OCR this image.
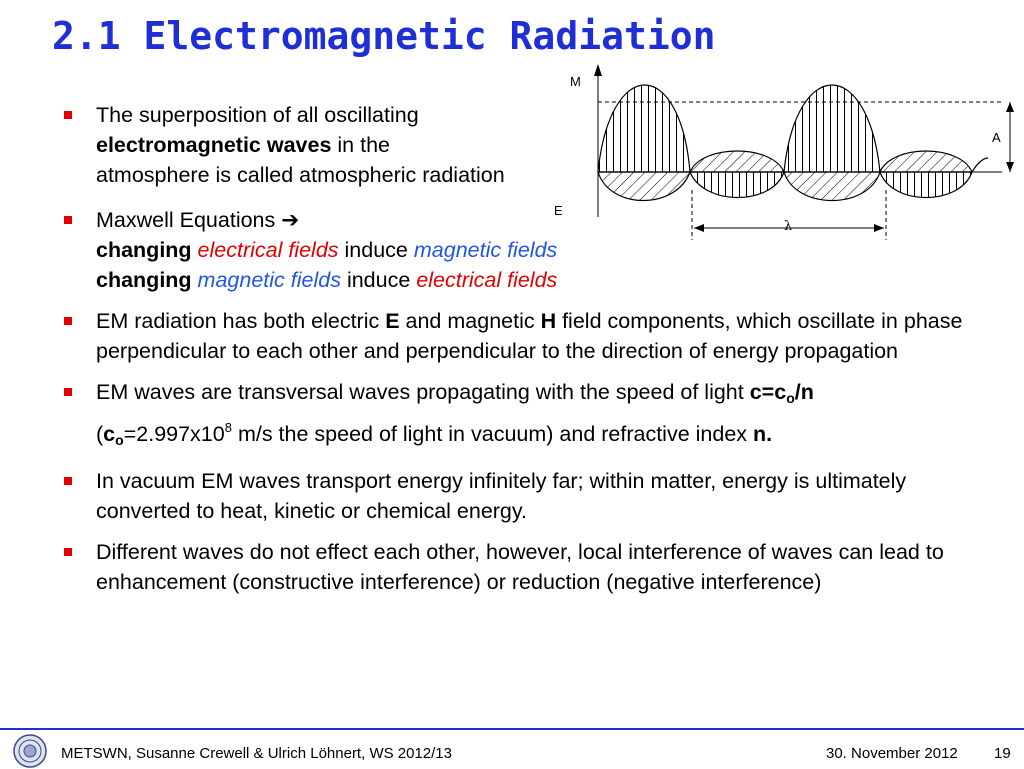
2.1 Electromagnetic Radiation
M
E
A
λ
The superposition of all oscillating
electromagnetic waves in the
atmosphere is called atmospheric radiation
Maxwell Equations ➔
changing electrical fields induce magnetic fields
changing magnetic fields induce electrical fields
EM radiation has both electric E and magnetic H field components, which oscillate in phase perpendicular to each other and perpendicular to the direction of energy propagation
EM waves are transversal waves propagating with the speed of light $c=c_o/n$
($c_o=2.997x10^8$ m/s the speed of light in vacuum) and refractive index n.
In vacuum EM waves transport energy infinitely far; within matter, energy is ultimately converted to heat, kinetic or chemical energy.
Different waves do not effect each other, however, local interference of waves can lead to enhancement (constructive interference) or reduction (negative interference)
METSWN, Susanne Crewell & Ulrich Löhnert, WS 2012/13	30. November 2012 19
